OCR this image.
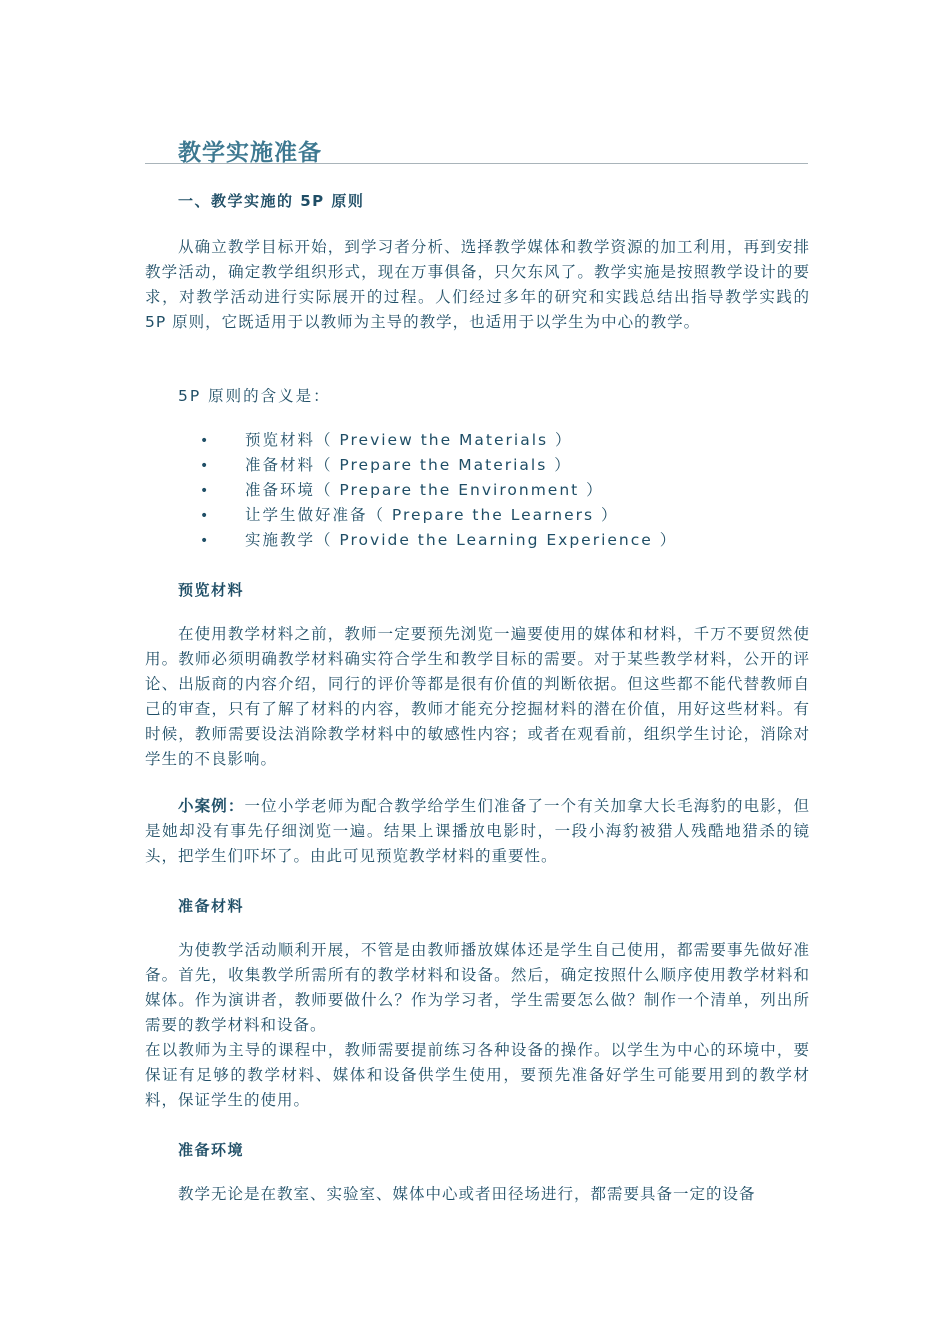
教学实施准备
一、教学实施的 5P 原则
从确立教学目标开始，到学习者分析、选择教学媒体和教学资源的加工利用，再到安排教学活动，确定教学组织形式，现在万事俱备，只欠东风了。教学实施是按照教学设计的要求，对教学活动进行实际展开的过程。人们经过多年的研究和实践总结出指导教学实践的 5P 原则，它既适用于以教师为主导的教学，也适用于以学生为中心的教学。
5P 原则的含义是：
• 预览材料（ Preview the Materials ）
• 准备材料（ Prepare the Materials ）
• 准备环境（ Prepare the Environment ）
• 让学生做好准备（ Prepare the Learners ）
• 实施教学（ Provide the Learning Experience ）
预览材料
在使用教学材料之前，教师一定要预先浏览一遍要使用的媒体和材料，千万不要贸然使用。教师必须明确教学材料确实符合学生和教学目标的需要。对于某些教学材料，公开的评论、出版商的内容介绍，同行的评价等都是很有价值的判断依据。但这些都不能代替教师自己的审查，只有了解了材料的内容，教师才能充分挖掘材料的潜在价值，用好这些材料。有时候，教师需要设法消除教学材料中的敏感性内容；或者在观看前，组织学生讨论，消除对学生的不良影响。
小案例：一位小学老师为配合教学给学生们准备了一个有关加拿大长毛海豹的电影，但是她却没有事先仔细浏览一遍。结果上课播放电影时，一段小海豹被猎人残酷地猎杀的镜头，把学生们吓坏了。由此可见预览教学材料的重要性。
准备材料
为使教学活动顺利开展，不管是由教师播放媒体还是学生自己使用，都需要事先做好准备。首先，收集教学所需所有的教学材料和设备。然后，确定按照什么顺序使用教学材料和媒体。作为演讲者，教师要做什么？作为学习者，学生需要怎么做？制作一个清单，列出所需要的教学材料和设备。
在以教师为主导的课程中，教师需要提前练习各种设备的操作。以学生为中心的环境中，要保证有足够的教学材料、媒体和设备供学生使用，要预先准备好学生可能要用到的教学材料，保证学生的使用。
准备环境
教学无论是在教室、实验室、媒体中心或者田径场进行，都需要具备一定的设备
